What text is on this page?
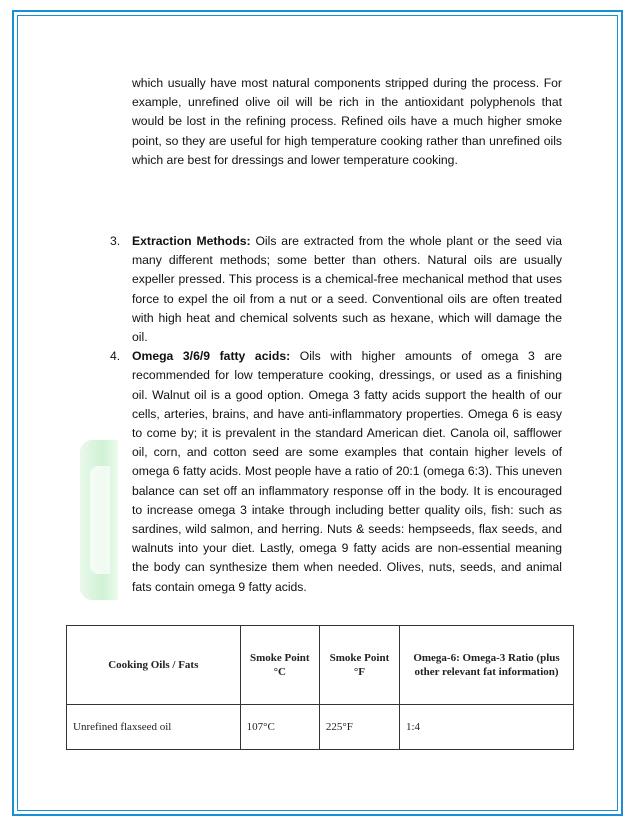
which usually have most natural components stripped during the process. For example, unrefined olive oil will be rich in the antioxidant polyphenols that would be lost in the refining process. Refined oils have a much higher smoke point, so they are useful for high temperature cooking rather than unrefined oils which are best for dressings and lower temperature cooking.

3. Extraction Methods: Oils are extracted from the whole plant or the seed via many different methods; some better than others. Natural oils are usually expeller pressed. This process is a chemical-free mechanical method that uses force to expel the oil from a nut or a seed. Conventional oils are often treated with high heat and chemical solvents such as hexane, which will damage the oil.
4. Omega 3/6/9 fatty acids: Oils with higher amounts of omega 3 are recommended for low temperature cooking, dressings, or used as a finishing oil. Walnut oil is a good option. Omega 3 fatty acids support the health of our cells, arteries, brains, and have anti-inflammatory properties. Omega 6 is easy to come by; it is prevalent in the standard American diet. Canola oil, safflower oil, corn, and cotton seed are some examples that contain higher levels of omega 6 fatty acids. Most people have a ratio of 20:1 (omega 6:3). This uneven balance can set off an inflammatory response off in the body. It is encouraged to increase omega 3 intake through including better quality oils, fish: such as sardines, wild salmon, and herring. Nuts & seeds: hempseeds, flax seeds, and walnuts into your diet. Lastly, omega 9 fatty acids are non-essential meaning the body can synthesize them when needed. Olives, nuts, seeds, and animal fats contain omega 9 fatty acids.
Cooking Oils / Fats	Smoke Point °C	Smoke Point °F	Omega-6: Omega-3 Ratio (plus other relevant fat information)
Unrefined flaxseed oil	107°C	225°F	1:4
